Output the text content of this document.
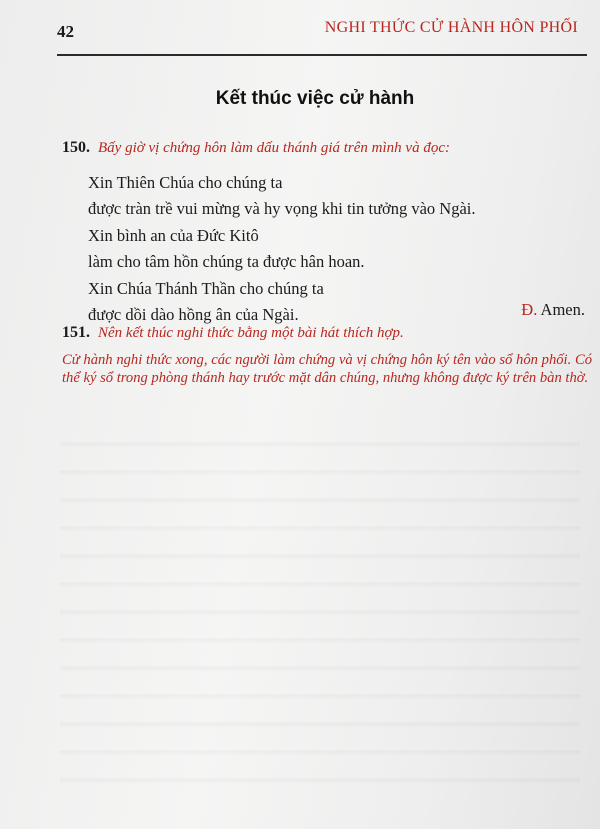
42	NGHI THỨC CỬ HÀNH HÔN PHỐI
Kết thúc việc cử hành
150. Bấy giờ vị chứng hôn làm dấu thánh giá trên mình và đọc:
Xin Thiên Chúa cho chúng ta
được tràn trề vui mừng và hy vọng khi tin tưởng vào Ngài.
Xin bình an của Đức Kitô
làm cho tâm hồn chúng ta được hân hoan.
Xin Chúa Thánh Thần cho chúng ta
được dồi dào hồng ân của Ngài.	Đ. Amen.
151. Nên kết thúc nghi thức bằng một bài hát thích hợp.

Cử hành nghi thức xong, các người làm chứng và vị chứng hôn ký tên vào sổ hôn phối. Có thể ký sổ trong phòng thánh hay trước mặt dân chúng, nhưng không được ký trên bàn thờ.
